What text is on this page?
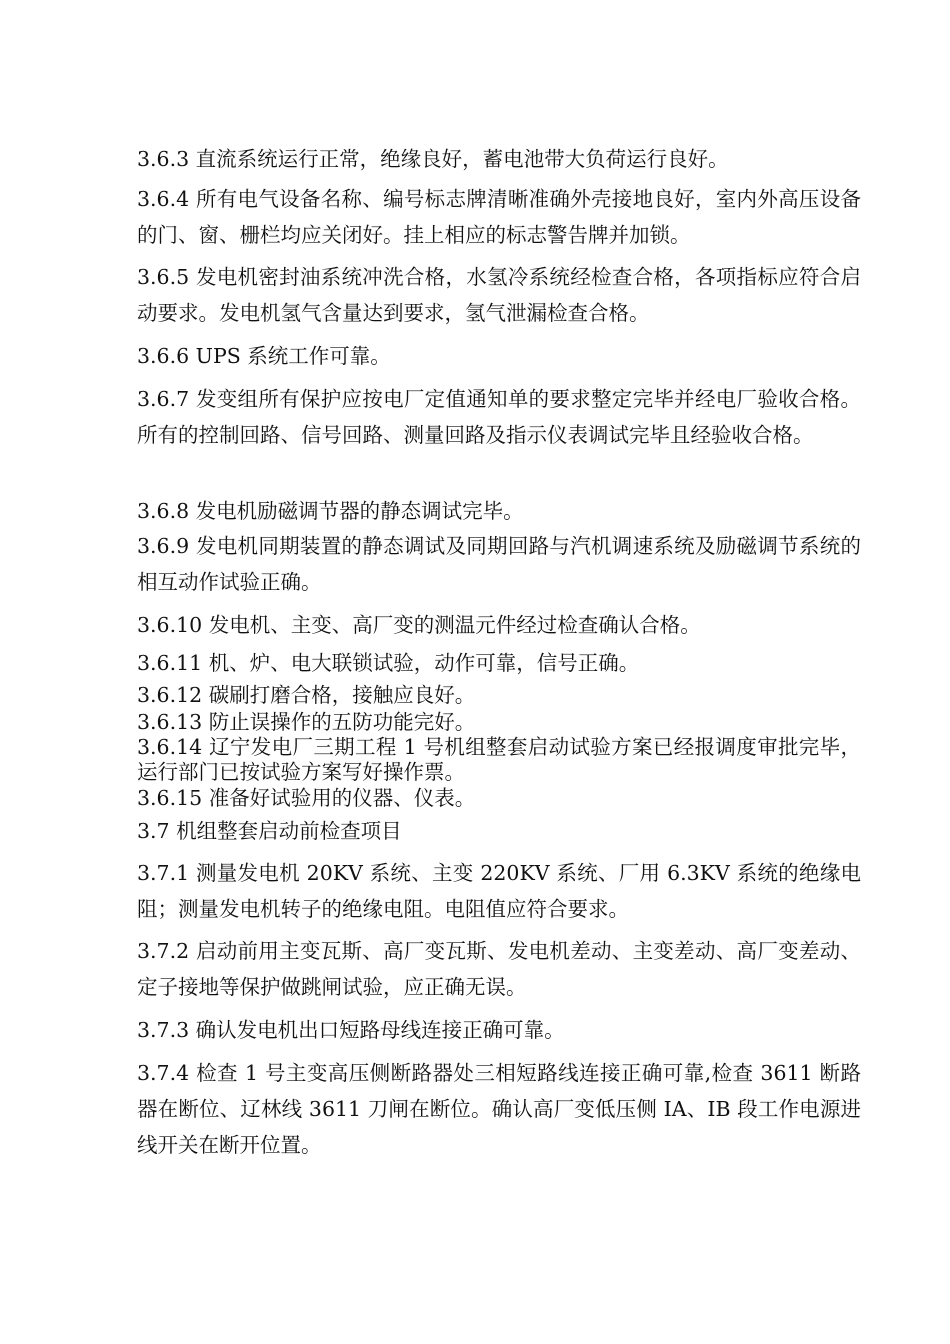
3.6.3 直流系统运行正常，绝缘良好，蓄电池带大负荷运行良好。

3.6.4 所有电气设备名称、编号标志牌清晰准确外壳接地良好，室内外高压设备的门、窗、栅栏均应关闭好。挂上相应的标志警告牌并加锁。

3.6.5 发电机密封油系统冲洗合格，水氢冷系统经检查合格，各项指标应符合启动要求。发电机氢气含量达到要求，氢气泄漏检查合格。

3.6.6 UPS 系统工作可靠。

3.6.7 发变组所有保护应按电厂定值通知单的要求整定完毕并经电厂验收合格。所有的控制回路、信号回路、测量回路及指示仪表调试完毕且经验收合格。

3.6.8 发电机励磁调节器的静态调试完毕。

3.6.9 发电机同期装置的静态调试及同期回路与汽机调速系统及励磁调节系统的相互动作试验正确。

3.6.10 发电机、主变、高厂变的测温元件经过检查确认合格。

3.6.11 机、炉、电大联锁试验，动作可靠，信号正确。

3.6.12 碳刷打磨合格，接触应良好。

3.6.13 防止误操作的五防功能完好。

3.6.14 辽宁发电厂三期工程 1 号机组整套启动试验方案已经报调度审批完毕，运行部门已按试验方案写好操作票。

3.6.15 准备好试验用的仪器、仪表。

3.7 机组整套启动前检查项目

3.7.1 测量发电机 20KV 系统、主变 220KV 系统、厂用 6.3KV 系统的绝缘电阻；测量发电机转子的绝缘电阻。电阻值应符合要求。

3.7.2 启动前用主变瓦斯、高厂变瓦斯、发电机差动、主变差动、高厂变差动、定子接地等保护做跳闸试验，应正确无误。

3.7.3 确认发电机出口短路母线连接正确可靠。

3.7.4 检查 1 号主变高压侧断路器处三相短路线连接正确可靠,检查 3611 断路器在断位、辽林线 3611 刀闸在断位。确认高厂变低压侧 IA、IB 段工作电源进线开关在断开位置。
